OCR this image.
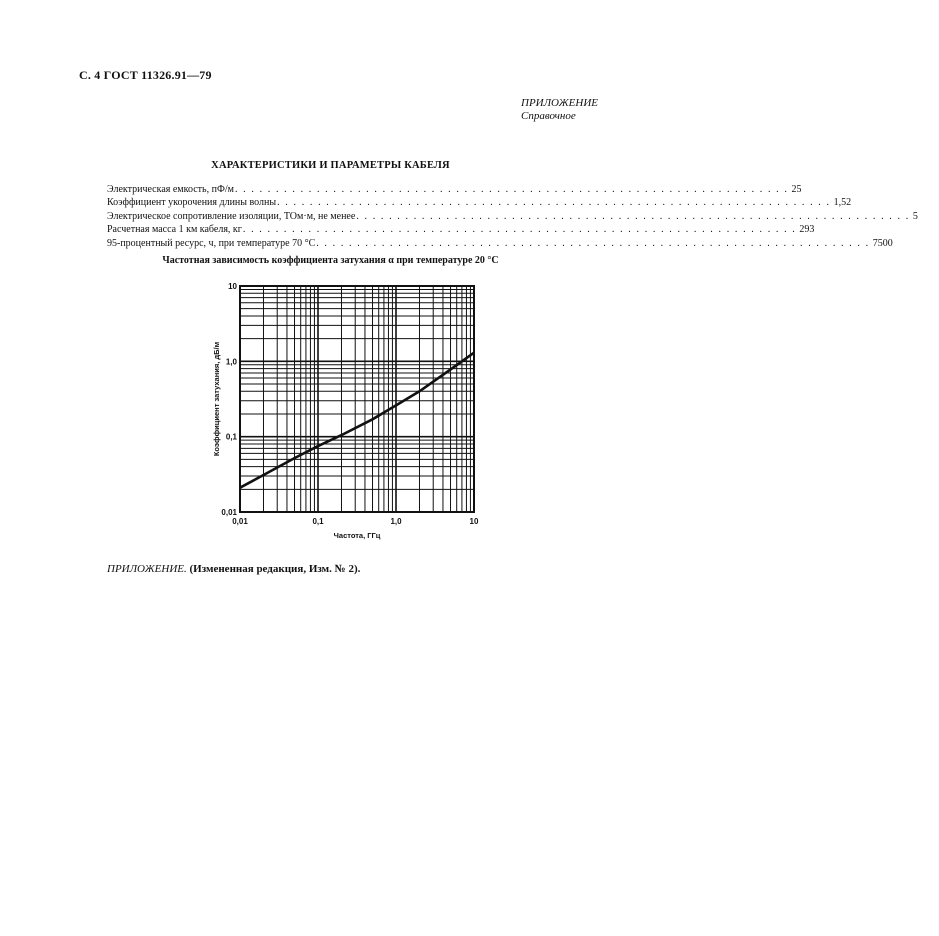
С. 4 ГОСТ 11326.91—79
ПРИЛОЖЕНИЕ
Справочное
ХАРАКТЕРИСТИКИ И ПАРАМЕТРЫ КАБЕЛЯ
Электрическая емкость, пФ/м . . . . . . . . . . . . . . . . . . . . . . . . . . . . . . . . . . . . . . . . . . . . . . . . . . . . . . . . . . . . . . . . . . . . 25
Коэффициент укорочения длины волны . . . . . . . . . . . . . . . . . . . . . . . . . . . . . . . . . . . . . . . . . . . . . . . . . . . . . . . . . . . . . . . . . . . . 1,52
Электрическое сопротивление изоляции, ТОм·м, не менее . . . . . . . . . . . . . . . . . . . . . . . . . . . . . . . . . . . . . . . . . . . . . . . . . . . . . . . . . . . . . . . . . . . . 5
Расчетная масса 1 км кабеля, кг . . . . . . . . . . . . . . . . . . . . . . . . . . . . . . . . . . . . . . . . . . . . . . . . . . . . . . . . . . . . . . . . . . . . 293
95-процентный ресурс, ч, при температуре 70 °С . . . . . . . . . . . . . . . . . . . . . . . . . . . . . . . . . . . . . . . . . . . . . . . . . . . . . . . . . . . . . . . . . . . . 7500
Частотная зависимость коэффициента затухания α при температуре 20 °С
0,01	0,1	1,0	10
0,01
0,1
1,0
10
Частота, ГГц
Коэффициент затухания, дБ/м
ПРИЛОЖЕНИЕ. (Измененная редакция, Изм. № 2).
